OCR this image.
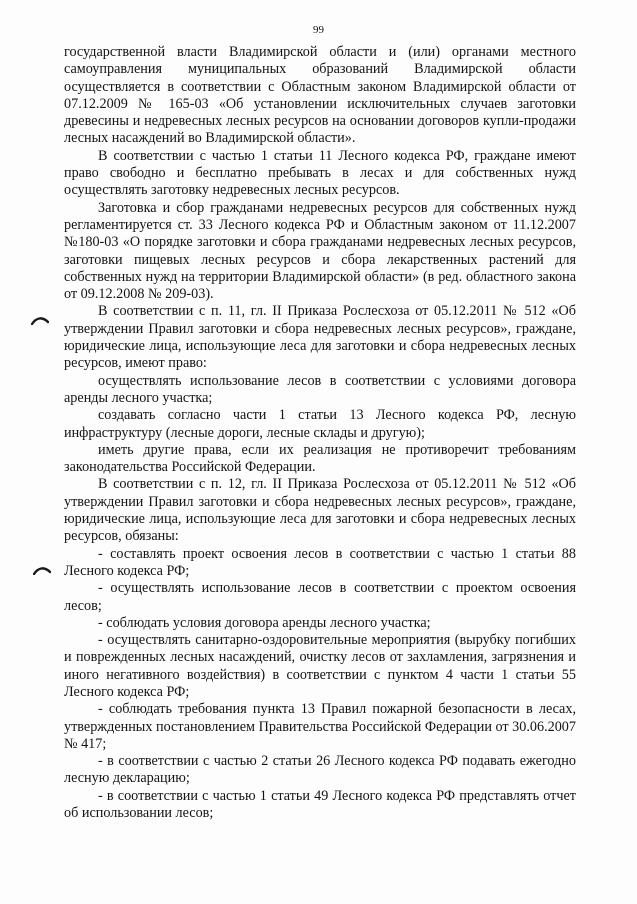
99

государственной власти Владимирской области и (или) органами местного самоуправления муниципальных образований Владимирской области осуществляется в соответствии с Областным законом Владимирской области от 07.12.2009 № 165-03 «Об установлении исключительных случаев заготовки древесины и недревесных лесных ресурсов на основании договоров купли-продажи лесных насаждений во Владимирской области».

В соответствии с частью 1 статьи 11 Лесного кодекса РФ, граждане имеют право свободно и бесплатно пребывать в лесах и для собственных нужд осуществлять заготовку недревесных лесных ресурсов.

Заготовка и сбор гражданами недревесных ресурсов для собственных нужд регламентируется ст. 33 Лесного кодекса РФ и Областным законом от 11.12.2007 №180-03 «О порядке заготовки и сбора гражданами недревесных лесных ресурсов, заготовки пищевых лесных ресурсов и сбора лекарственных растений для собственных нужд на территории Владимирской области» (в ред. областного закона от 09.12.2008 № 209-03).

В соответствии с п. 11, гл. II Приказа Рослесхоза от 05.12.2011 № 512 «Об утверждении Правил заготовки и сбора недревесных лесных ресурсов», граждане, юридические лица, использующие леса для заготовки и сбора недревесных лесных ресурсов, имеют право:

осуществлять использование лесов в соответствии с условиями договора аренды лесного участка;

создавать согласно части 1 статьи 13 Лесного кодекса РФ, лесную инфраструктуру (лесные дороги, лесные склады и другую);

иметь другие права, если их реализация не противоречит требованиям законодательства Российской Федерации.

В соответствии с п. 12, гл. II Приказа Рослесхоза от 05.12.2011 № 512 «Об утверждении Правил заготовки и сбора недревесных лесных ресурсов», граждане, юридические лица, использующие леса для заготовки и сбора недревесных лесных ресурсов, обязаны:

- составлять проект освоения лесов в соответствии с частью 1 статьи 88 Лесного кодекса РФ;

- осуществлять использование лесов в соответствии с проектом освоения лесов;

- соблюдать условия договора аренды лесного участка;

- осуществлять санитарно-оздоровительные мероприятия (вырубку погибших и поврежденных лесных насаждений, очистку лесов от захламления, загрязнения и иного негативного воздействия) в соответствии с пунктом 4 части 1 статьи 55 Лесного кодекса РФ;

- соблюдать требования пункта 13 Правил пожарной безопасности в лесах, утвержденных постановлением Правительства Российской Федерации от 30.06.2007 № 417;

- в соответствии с частью 2 статьи 26 Лесного кодекса РФ подавать ежегодно лесную декларацию;

- в соответствии с частью 1 статьи 49 Лесного кодекса РФ представлять отчет об использовании лесов;
